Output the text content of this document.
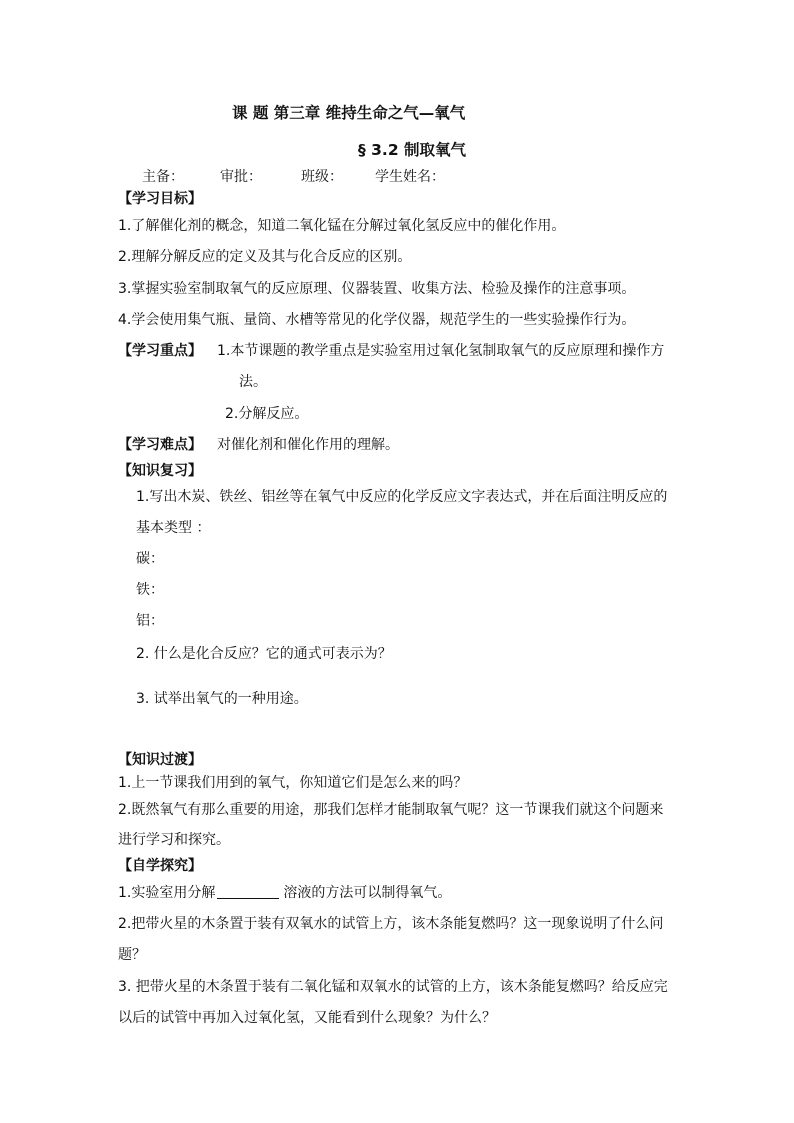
课 题 第三章 维持生命之气—氧气
§ 3.2 制取氧气
主备：	审批：	班级： 学生姓名：
【学习目标】
1.了解催化剂的概念，知道二氧化锰在分解过氧化氢反应中的催化作用。
2.理解分解反应的定义及其与化合反应的区别。
3.掌握实验室制取氧气的反应原理、仪器装置、收集方法、检验及操作的注意事项。
4.学会使用集气瓶、量筒、水槽等常见的化学仪器，规范学生的一些实验操作行为。
【学习重点】 1.本节课题的教学重点是实验室用过氧化氢制取氧气的反应原理和操作方
法。
2.分解反应。
【学习难点】 对催化剂和催化作用的理解。
【知识复习】
1.写出木炭、铁丝、铝丝等在氧气中反应的化学反应文字表达式，并在后面注明反应的
基本类型 ：
碳：
铁：
铝：
2. 什么是化合反应？它的通式可表示为？
3. 试举出氧气的一种用途。
【知识过渡】
1.上一节课我们用到的氧气，你知道它们是怎么来的吗？
2.既然氧气有那么重要的用途，那我们怎样才能制取氧气呢？这一节课我们就这个问题来
进行学习和探究。
【自学探究】
1.实验室用分解	溶液的方法可以制得氧气。
2.把带火星的木条置于装有双氧水的试管上方，该木条能复燃吗？这一现象说明了什么问
题？
3. 把带火星的木条置于装有二氧化锰和双氧水的试管的上方，该木条能复燃吗？给反应完
以后的试管中再加入过氧化氢，又能看到什么现象？为什么？
